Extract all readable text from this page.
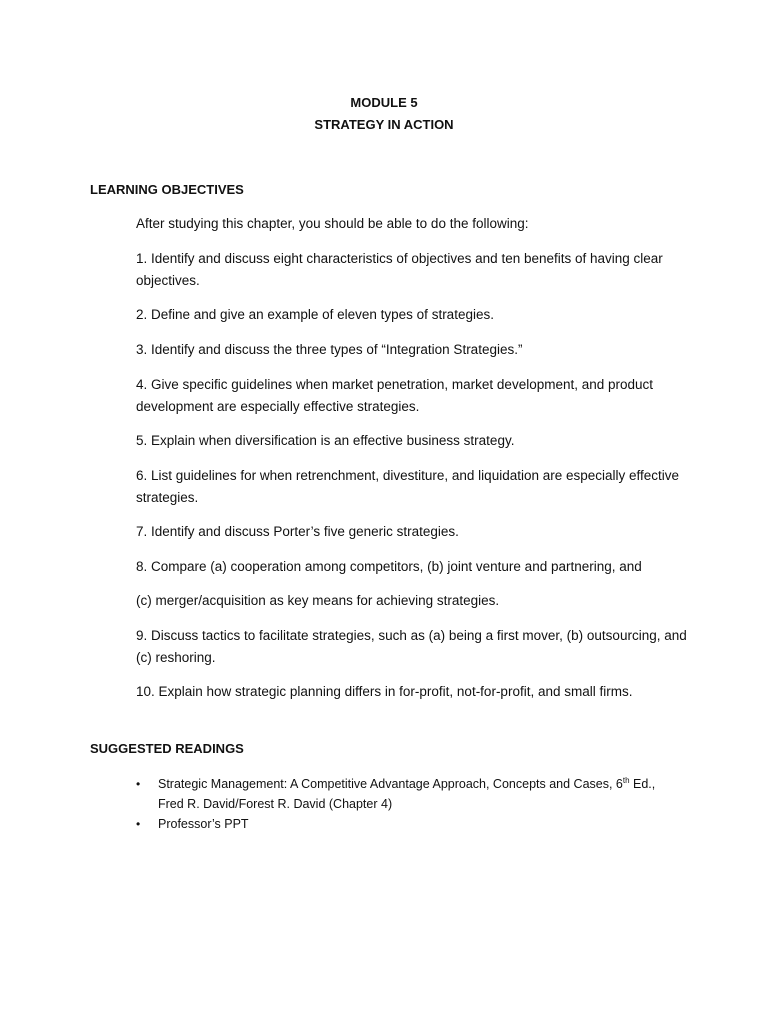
MODULE 5
STRATEGY IN ACTION
LEARNING OBJECTIVES

After studying this chapter, you should be able to do the following:

1. Identify and discuss eight characteristics of objectives and ten benefits of having clear objectives.

2. Define and give an example of eleven types of strategies.

3. Identify and discuss the three types of “Integration Strategies.”

4. Give specific guidelines when market penetration, market development, and product development are especially effective strategies.

5. Explain when diversification is an effective business strategy.

6. List guidelines for when retrenchment, divestiture, and liquidation are especially effective strategies.

7. Identify and discuss Porter’s five generic strategies.

8. Compare (a) cooperation among competitors, (b) joint venture and partnering, and

(c) merger/acquisition as key means for achieving strategies.

9. Discuss tactics to facilitate strategies, such as (a) being a first mover, (b) outsourcing, and (c) reshoring.

10. Explain how strategic planning differs in for-profit, not-for-profit, and small firms.

SUGGESTED READINGS
• Strategic Management: A Competitive Advantage Approach, Concepts and Cases, 6th Ed.,
Fred R. David/Forest R. David (Chapter 4)
• Professor’s PPT
